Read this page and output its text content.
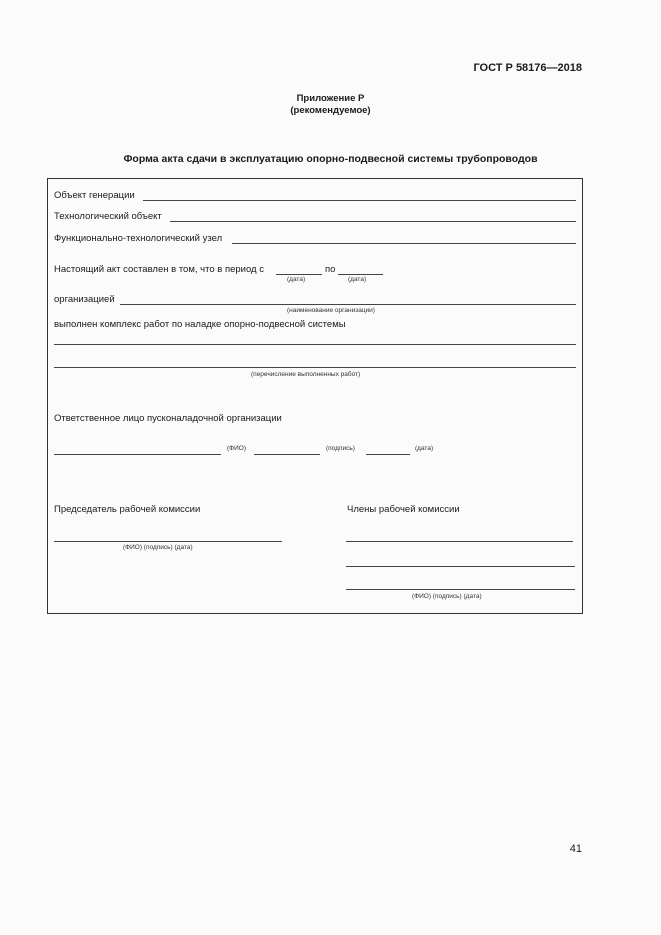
ГОСТ Р 58176—2018
Приложение Р
(рекомендуемое)
Форма акта сдачи в эксплуатацию опорно-подвесной системы трубопроводов
Объект генерации
Технологический объект
Функционально-технологический узел
Настоящий акт составлен в том, что в период с	по
(дата)	(дата)
организацией
(наименование организации)
выполнен комплекс работ по наладке опорно-подвесной системы
(перечисление выполненных работ)
Ответственное лицо пусконаладочной организации
(ФИО)	(подпись)	(дата)
Председатель рабочей комиссии
(ФИО) (подпись) (дата)
Члены рабочей комиссии
(ФИО) (подпись) (дата)
41
